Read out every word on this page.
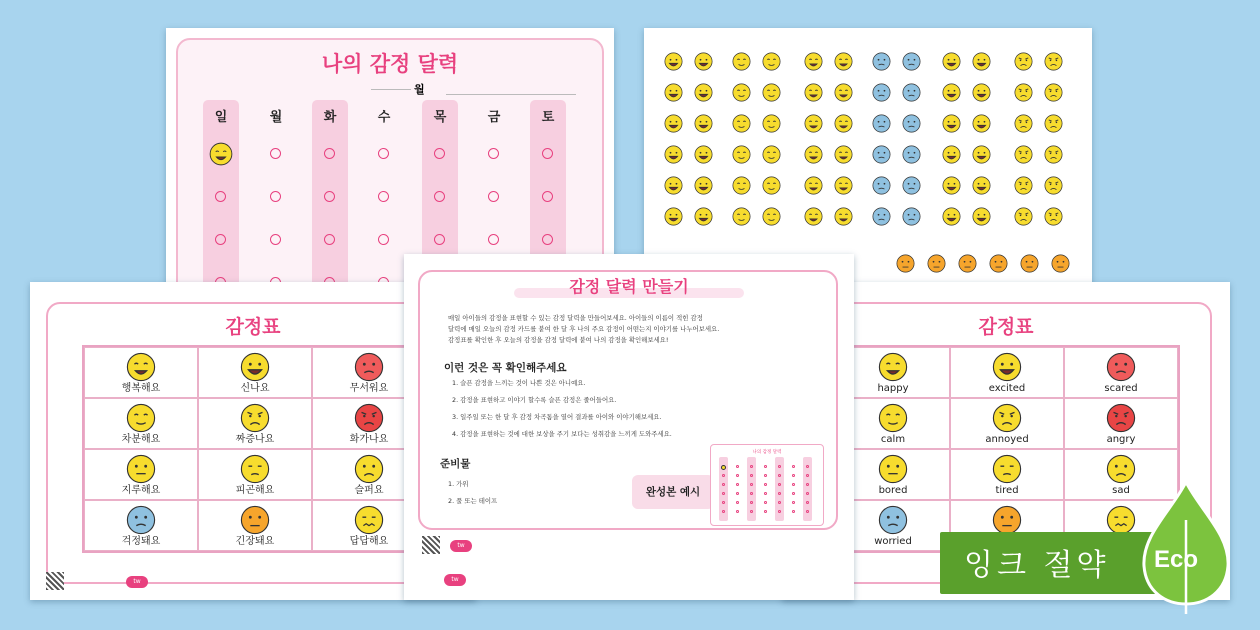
나의 감정 달력
월
일	월	화	수	목	금	토
감정표
행복해요	신나요	무서워요
차분해요	짜증나요	화가나요
지루해요	피곤해요	슬퍼요
걱정돼요	긴장돼요	답답해요
tw
감정표
happy	excited	scared
calm	annoyed	angry
bored	tired	sad
worried
감정 달력 만들기
매일 아이들의 감정을 표현할 수 있는 감정 달력을 만들어보세요. 아이들의 이름이 적힌 감정
달력에 매일 오늘의 감정 카드를 붙여 한 달 후 나의 주요 감정이 어떤는지 이야기를 나누어보세요.
감정표를 확인한 후 오늘의 감정을 감정 달력에 붙여 나의 감정을 확인해보세요!
이런 것은 꼭 확인해주세요
1. 슬픈 감정을 느끼는 것이 나쁜 것은 아니예요.
2. 감정을 표현하고 이야기 할수록 슬픈 감정은 줄어들어요.
3. 일주일 또는 한 달 후 감정 차곡톰을 열어 결과를 아이와 이야기해보세요.
4. 감정을 표현하는 것에 대한 보상을 주기 보다는 성취감을 느끼게 도와주세요.
준비물
1. 가위
2. 풀 또는 테이프
완성본 예시
나의 감정 달력
tw
tw	잉크 절약 Eco
